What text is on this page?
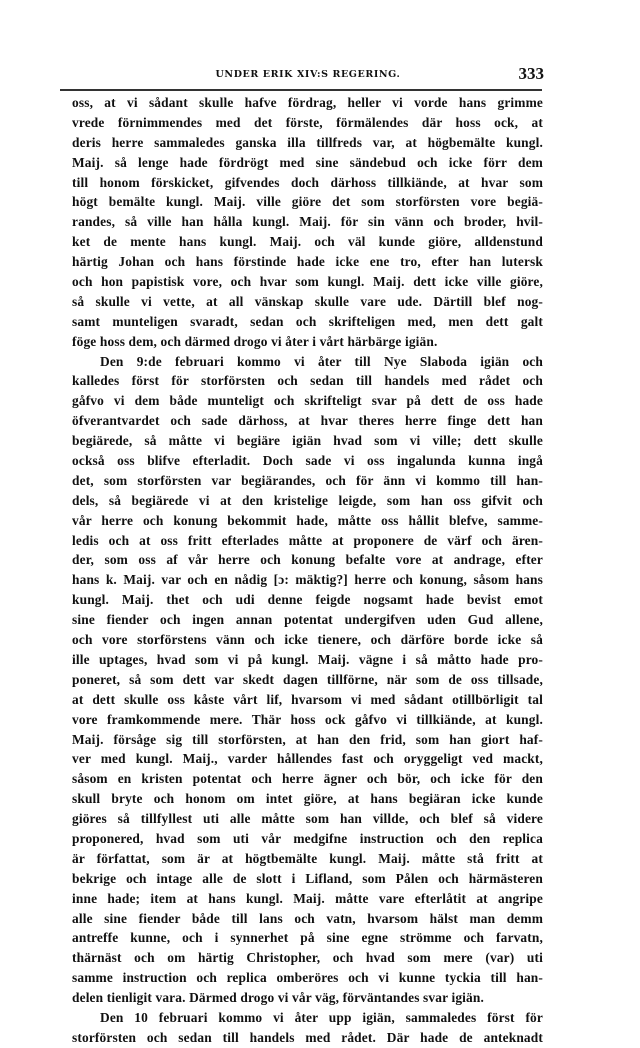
UNDER ERIK XIV:S REGERING.	333
oss, at vi sådant skulle hafve fördrag, heller vi vorde hans grimme
vrede förnimmendes med det förste, förmälendes där hoss ock, at
deris herre sammaledes ganska illa tillfreds var, at högbemälte kungl.
Maij. så lenge hade fördrögt med sine sändebud och icke förr dem
till honom förskicket, gifvendes doch därhoss tillkiände, at hvar som
högt bemälte kungl. Maij. ville giöre det som storförsten vore begiä-
randes, så ville han hålla kungl. Maij. för sin vänn och broder, hvil-
ket de mente hans kungl. Maij. och väl kunde giöre, alldenstund
härtig Johan och hans förstinde hade icke ene tro, efter han lutersk
och hon papistisk vore, och hvar som kungl. Maij. dett icke ville giöre,
så skulle vi vette, at all vänskap skulle vare ude. Därtill blef nog-
samt munteligen svaradt, sedan och skrifteligen med, men dett galt
föge hoss dem, och därmed drogo vi åter i vårt härbärge igiän.
Den 9:de februari kommo vi åter till Nye Slaboda igiän och
kalledes först för storförsten och sedan till handels med rådet och
gåfvo vi dem både munteligt och skrifteligt svar på dett de oss hade
öfverantvardet och sade därhoss, at hvar theres herre finge dett han
begiärede, så måtte vi begiäre igiän hvad som vi ville; dett skulle
också oss blifve efterladit. Doch sade vi oss ingalunda kunna ingå
det, som storförsten var begiärandes, och för änn vi kommo till han-
dels, så begiärede vi at den kristelige leigde, som han oss gifvit och
vår herre och konung bekommit hade, måtte oss hållit blefve, samme-
ledis och at oss fritt efterlades måtte at proponere de värf och ären-
der, som oss af vår herre och konung befalte vore at andrage, efter
hans k. Maij. var och en nådig [ɔ: mäktig?] herre och konung, såsom hans
kungl. Maij. thet och udi denne feigde nogsamt hade bevist emot
sine fiender och ingen annan potentat undergifven uden Gud allene,
och vore storförstens vänn och icke tienere, och därföre borde icke så
ille uptages, hvad som vi på kungl. Maij. vägne i så måtto hade pro-
poneret, så som dett var skedt dagen tillförne, när som de oss tillsade,
at dett skulle oss kåste vårt lif, hvarsom vi med sådant otillbörligit tal
vore framkommende mere. Thär hoss ock gåfvo vi tillkiände, at kungl.
Maij. försåge sig till storförsten, at han den frid, som han giort haf-
ver med kungl. Maij., varder hållendes fast och oryggeligt ved mackt,
såsom en kristen potentat och herre ägner och bör, och icke för den
skull bryte och honom om intet giöre, at hans begiäran icke kunde
giöres så tillfyllest uti alle måtte som han villde, och blef så videre
proponered, hvad som uti vår medgifne instruction och den replica
är författat, som är at högtbemälte kungl. Maij. måtte stå fritt at
bekrige och intage alle de slott i Lifland, som Pålen och härmästeren
inne hade; item at hans kungl. Maij. måtte vare efterlåtit at angripe
alle sine fiender både till lans och vatn, hvarsom hälst man demm
antreffe kunne, och i synnerhet på sine egne strömme och farvatn,
thärnäst och om härtig Christopher, och hvad som mere (var) uti
samme instruction och replica omberöres och vi kunne tyckia till han-
delen tienligit vara. Därmed drogo vi vår väg, förväntandes svar igiän.
Den 10 februari kommo vi åter upp igiän, sammaledes först för
storförsten och sedan till handels med rådet. Där hade de anteknadt
